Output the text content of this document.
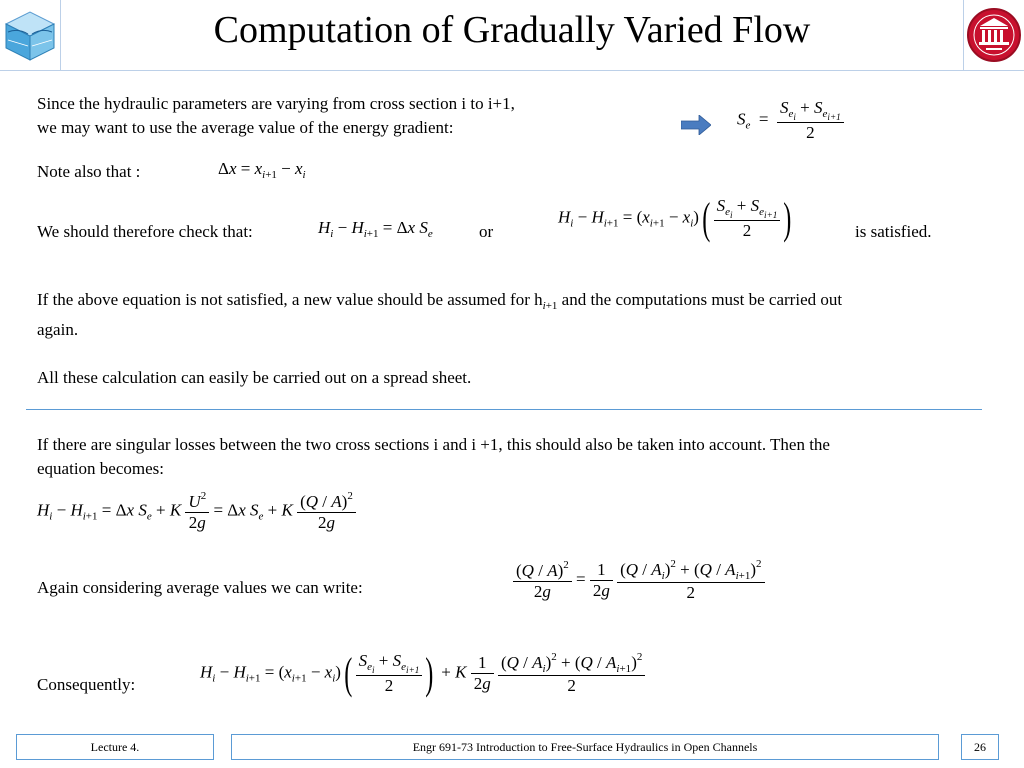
Computation of Gradually Varied Flow
Since the hydraulic parameters are varying from cross section i to i+1,
we may want to use the average value of the energy gradient:	$S_e = \frac{S_{e_i} + S_{e_{i+1}}}{2}$
Note also that :	$\Delta x = x_{i+1} - x_i$
We should therefore check that:	$H_i - H_{i+1} = \Delta x$ $S_e$	or
$H_i - H_{i+1} = (x_{i+1} - x_i)( \frac{S_{e_i} + S_{e_{i+1}}}{2}$ )	is satisfied.
If the above equation is not satisfied, a new value should be assumed for $h_{i+1}$ and the computations must be carried out
again.
All these calculation can easily be carried out on a spread sheet.
If there are singular losses between the two cross sections i and i +1, this should also be taken into account. Then the
equation becomes:
$H_i - H_{i+1} = \Delta x$ $S_e + K \frac{U^2}{2g} = \Delta x$ $S_e + K \frac{(Q / A)^2}{2g}$
Again considering average values we can write:	$\frac{(Q / A)^2}{2g} = \frac{1}{2g}$
$\frac{(Q / A_i)^2 + (Q / A_{i+1})^2}{2}$
Consequently:
$H_i - H_{i+1} = (x_{i+1} - x_i)( \frac{S_{e_i} + S_{e_{i+1}}}{2}$ ) + K $\frac{1}{2g}$
$\frac{(Q / A_i)^2 + (Q / A_{i+1})^2}{2}$
Lecture 4.	Engr 691-73 Introduction to Free-Surface Hydraulics in Open Channels	26
